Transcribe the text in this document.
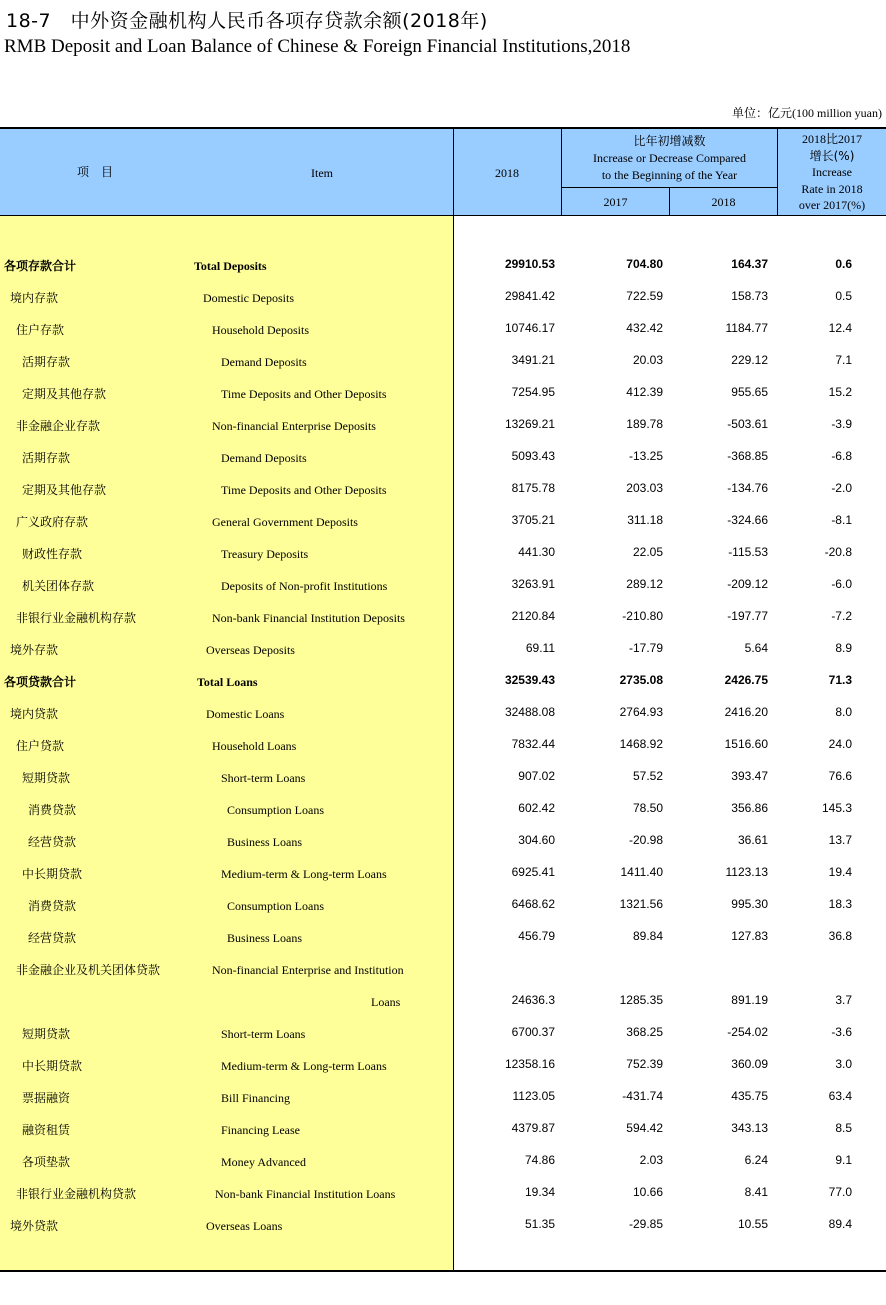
18-7　中外资金融机构人民币各项存贷款余额(2018年)
RMB Deposit and Loan Balance of Chinese & Foreign Financial Institutions,2018
单位：亿元(100 million yuan)
项　目	Item	2018
比年初增减数
Increase or Decrease Compared
to the Beginning of the Year
2017	2018
2018比2017
增长(%)
Increase
Rate in 2018
over 2017(%)
各项存款合计	Total Deposits	29910.53	704.80	164.37	0.6
境内存款	Domestic Deposits	29841.42	722.59	158.73	0.5
住户存款	Household Deposits	10746.17	432.42	1184.77	12.4
活期存款	Demand Deposits	3491.21	20.03	229.12	7.1
定期及其他存款	Time Deposits and Other Deposits	7254.95	412.39	955.65	15.2
非金融企业存款	Non-financial Enterprise Deposits	13269.21	189.78	-503.61	-3.9
活期存款	Demand Deposits	5093.43	-13.25	-368.85	-6.8
定期及其他存款	Time Deposits and Other Deposits	8175.78	203.03	-134.76	-2.0
广义政府存款	General Government Deposits	3705.21	311.18	-324.66	-8.1
财政性存款	Treasury Deposits	441.30	22.05	-115.53	-20.8
机关团体存款	Deposits of Non-profit Institutions	3263.91	289.12	-209.12	-6.0
非银行业金融机构存款	Non-bank Financial Institution Deposits	2120.84	-210.80	-197.77	-7.2
境外存款	Overseas Deposits	69.11	-17.79	5.64	8.9
各项贷款合计	Total Loans	32539.43	2735.08	2426.75	71.3
境内贷款	Domestic Loans	32488.08	2764.93	2416.20	8.0
住户贷款	Household Loans	7832.44	1468.92	1516.60	24.0
短期贷款	Short-term Loans	907.02	57.52	393.47	76.6
消费贷款	Consumption Loans	602.42	78.50	356.86	145.3
经营贷款	Business Loans	304.60	-20.98	36.61	13.7
中长期贷款	Medium-term & Long-term Loans	6925.41	1411.40	1123.13	19.4
消费贷款	Consumption Loans	6468.62	1321.56	995.30	18.3
经营贷款	Business Loans	456.79	89.84	127.83	36.8
非金融企业及机关团体贷款	Non-financial Enterprise and Institution
Loans	24636.3	1285.35	891.19	3.7
短期贷款	Short-term Loans	6700.37	368.25	-254.02	-3.6
中长期贷款	Medium-term & Long-term Loans	12358.16	752.39	360.09	3.0
票据融资	Bill Financing	1123.05	-431.74	435.75	63.4
融资租赁	Financing Lease	4379.87	594.42	343.13	8.5
各项垫款	Money Advanced	74.86	2.03	6.24	9.1
非银行业金融机构贷款	Non-bank Financial Institution Loans	19.34	10.66	8.41	77.0
境外贷款	Overseas Loans	51.35	-29.85	10.55	89.4
